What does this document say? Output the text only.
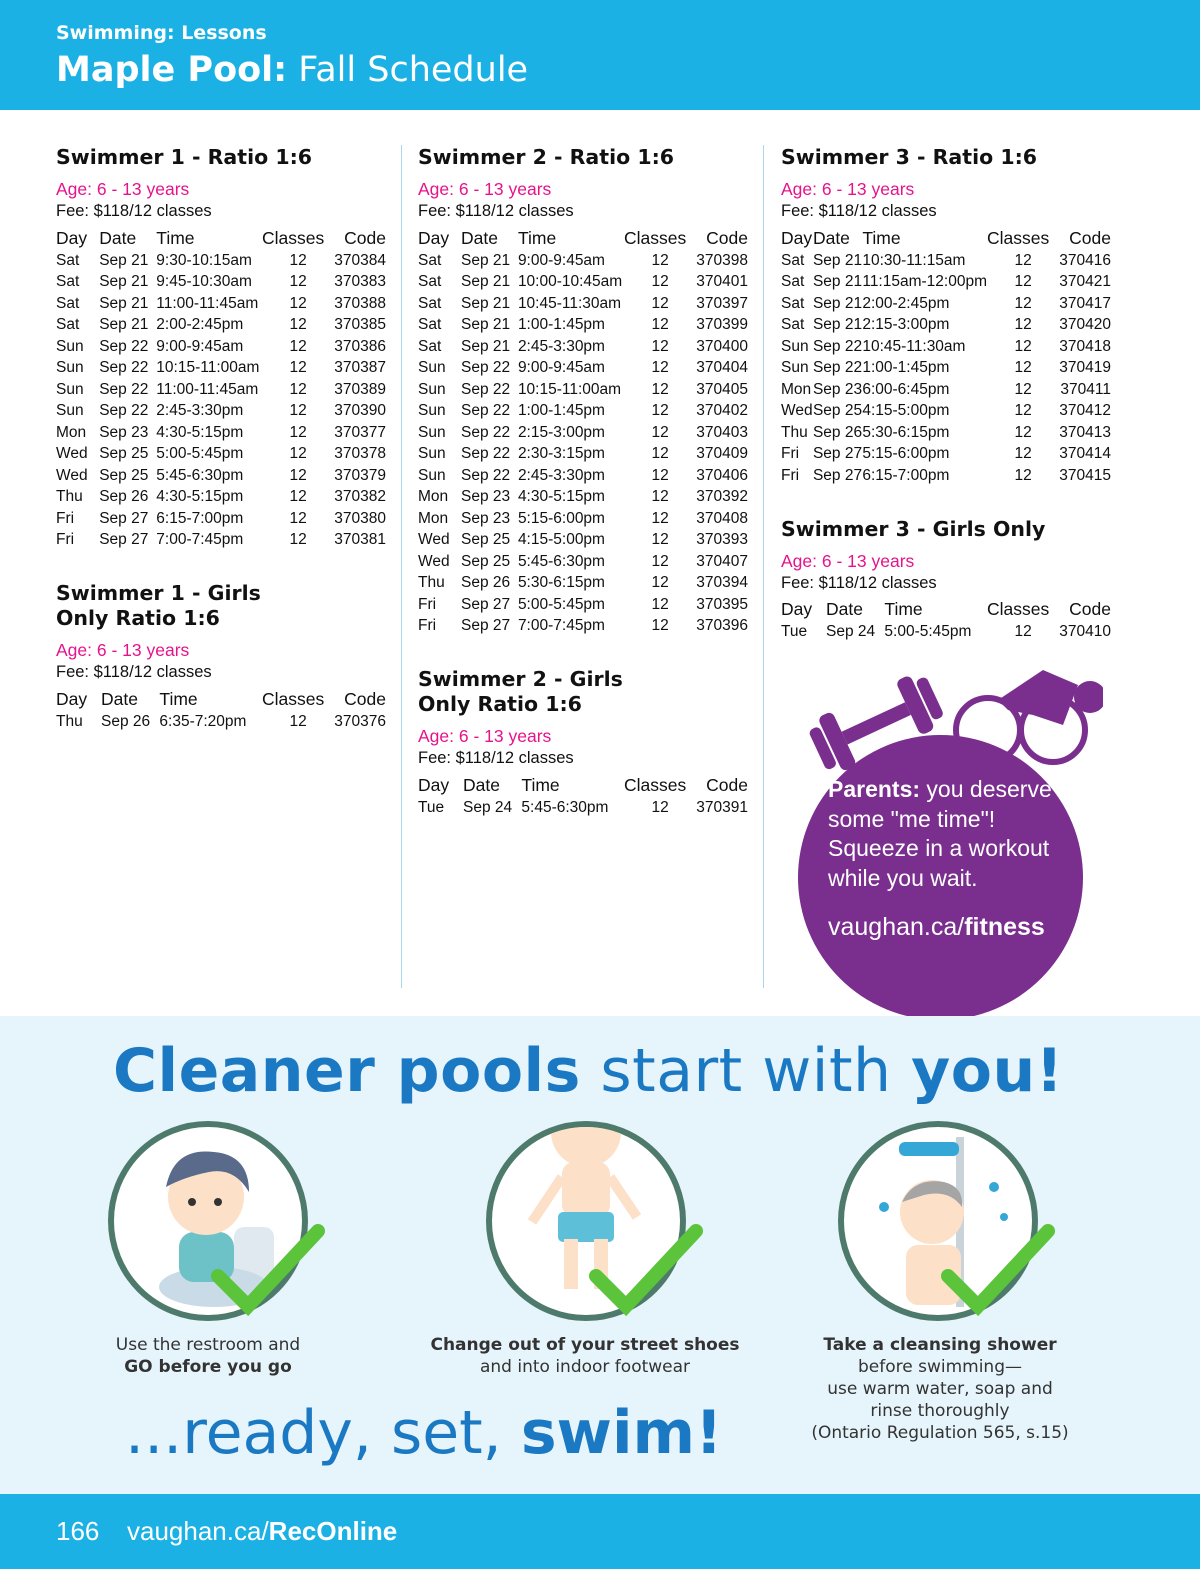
Swimming: Lessons
Maple Pool: Fall Schedule
Swimmer 1 - Ratio 1:6
Age: 6 - 13 years
Fee: $118/12 classes
Day	Date	Time	Classes	Code
Sat	Sep 21	9:30-10:15am	12	370384
Sat	Sep 21	9:45-10:30am	12	370383
Sat	Sep 21	11:00-11:45am	12	370388
Sat	Sep 21	2:00-2:45pm	12	370385
Sun	Sep 22	9:00-9:45am	12	370386
Sun	Sep 22	10:15-11:00am	12	370387
Sun	Sep 22	11:00-11:45am	12	370389
Sun	Sep 22	2:45-3:30pm	12	370390
Mon	Sep 23	4:30-5:15pm	12	370377
Wed	Sep 25	5:00-5:45pm	12	370378
Wed	Sep 25	5:45-6:30pm	12	370379
Thu	Sep 26	4:30-5:15pm	12	370382
Fri	Sep 27	6:15-7:00pm	12	370380
Fri	Sep 27	7:00-7:45pm	12	370381
Swimmer 1 - Girls Only Ratio 1:6
Age: 6 - 13 years
Fee: $118/12 classes
Day	Date	Time	Classes	Code
Thu	Sep 26	6:35-7:20pm	12	370376
Swimmer 2 - Ratio 1:6
Age: 6 - 13 years
Fee: $118/12 classes
Day	Date	Time	Classes	Code
Sat	Sep 21	9:00-9:45am	12	370398
Sat	Sep 21	10:00-10:45am	12	370401
Sat	Sep 21	10:45-11:30am	12	370397
Sat	Sep 21	1:00-1:45pm	12	370399
Sat	Sep 21	2:45-3:30pm	12	370400
Sun	Sep 22	9:00-9:45am	12	370404
Sun	Sep 22	10:15-11:00am	12	370405
Sun	Sep 22	1:00-1:45pm	12	370402
Sun	Sep 22	2:15-3:00pm	12	370403
Sun	Sep 22	2:30-3:15pm	12	370409
Sun	Sep 22	2:45-3:30pm	12	370406
Mon	Sep 23	4:30-5:15pm	12	370392
Mon	Sep 23	5:15-6:00pm	12	370408
Wed	Sep 25	4:15-5:00pm	12	370393
Wed	Sep 25	5:45-6:30pm	12	370407
Thu	Sep 26	5:30-6:15pm	12	370394
Fri	Sep 27	5:00-5:45pm	12	370395
Fri	Sep 27	7:00-7:45pm	12	370396
Swimmer 2 - Girls Only Ratio 1:6
Age: 6 - 13 years
Fee: $118/12 classes
Day	Date	Time	Classes	Code
Tue	Sep 24	5:45-6:30pm	12	370391
Swimmer 3 - Ratio 1:6
Age: 6 - 13 years
Fee: $118/12 classes
Day	Date	Time	Classes	Code
Sat	Sep 21	10:30-11:15am	12	370416
Sat	Sep 21	11:15am-12:00pm	12	370421
Sat	Sep 21	2:00-2:45pm	12	370417
Sat	Sep 21	2:15-3:00pm	12	370420
Sun	Sep 22	10:45-11:30am	12	370418
Sun	Sep 22	1:00-1:45pm	12	370419
Mon	Sep 23	6:00-6:45pm	12	370411
Wed	Sep 25	4:15-5:00pm	12	370412
Thu	Sep 26	5:30-6:15pm	12	370413
Fri	Sep 27	5:15-6:00pm	12	370414
Fri	Sep 27	6:15-7:00pm	12	370415
Swimmer 3 - Girls Only
Age: 6 - 13 years
Fee: $118/12 classes
Day	Date	Time	Classes	Code
Tue	Sep 24	5:00-5:45pm	12	370410
Parents: you deserve some "me time"! Squeeze in a workout while you wait.
vaughan.ca/fitness
Cleaner pools start with you!
Use the restroom and
GO before you go
Change out of your street shoes
and into indoor footwear
Take a cleansing shower
before swimming—
use warm water, soap and
rinse thoroughly
(Ontario Regulation 565, s.15)
...ready, set, swim!
166 vaughan.ca/RecOnline
